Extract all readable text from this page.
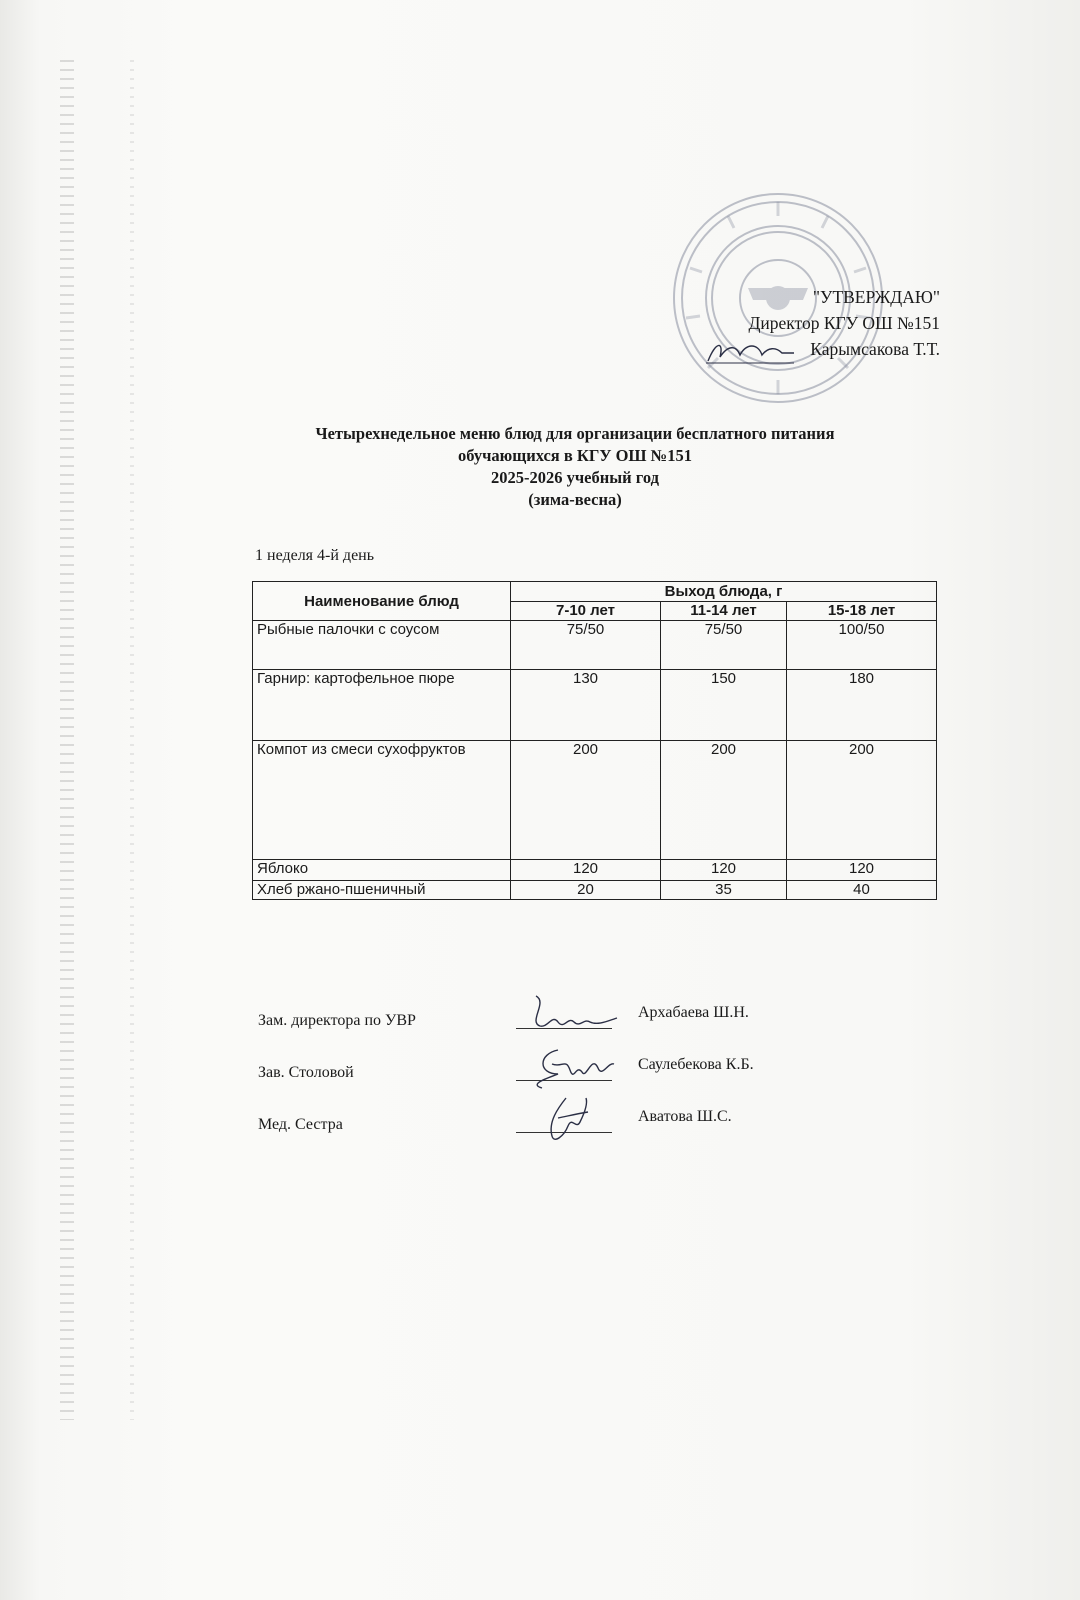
"УТВЕРЖДАЮ"
Директор КГУ ОШ №151
Карымсакова Т.Т.
Четырехнедельное меню блюд для организации бесплатного питания
обучающихся в КГУ ОШ №151
2025-2026 учебный год
(зима-весна)
1 неделя 4-й день
Наименование блюд	Выход блюда, г		
	7-10 лет	11-14 лет	15-18 лет
Рыбные палочки с соусом	75/50	75/50	100/50
Гарнир: картофельное пюре	130	150	180
Компот из смеси сухофруктов	200	200	200
Яблоко	120	120	120
Хлеб ржано-пшеничный	20	35	40
Зам. директора по УВР	Архабаева Ш.Н.
Зав. Столовой	Саулебекова К.Б.
Мед. Сестра	Аватова Ш.С.
